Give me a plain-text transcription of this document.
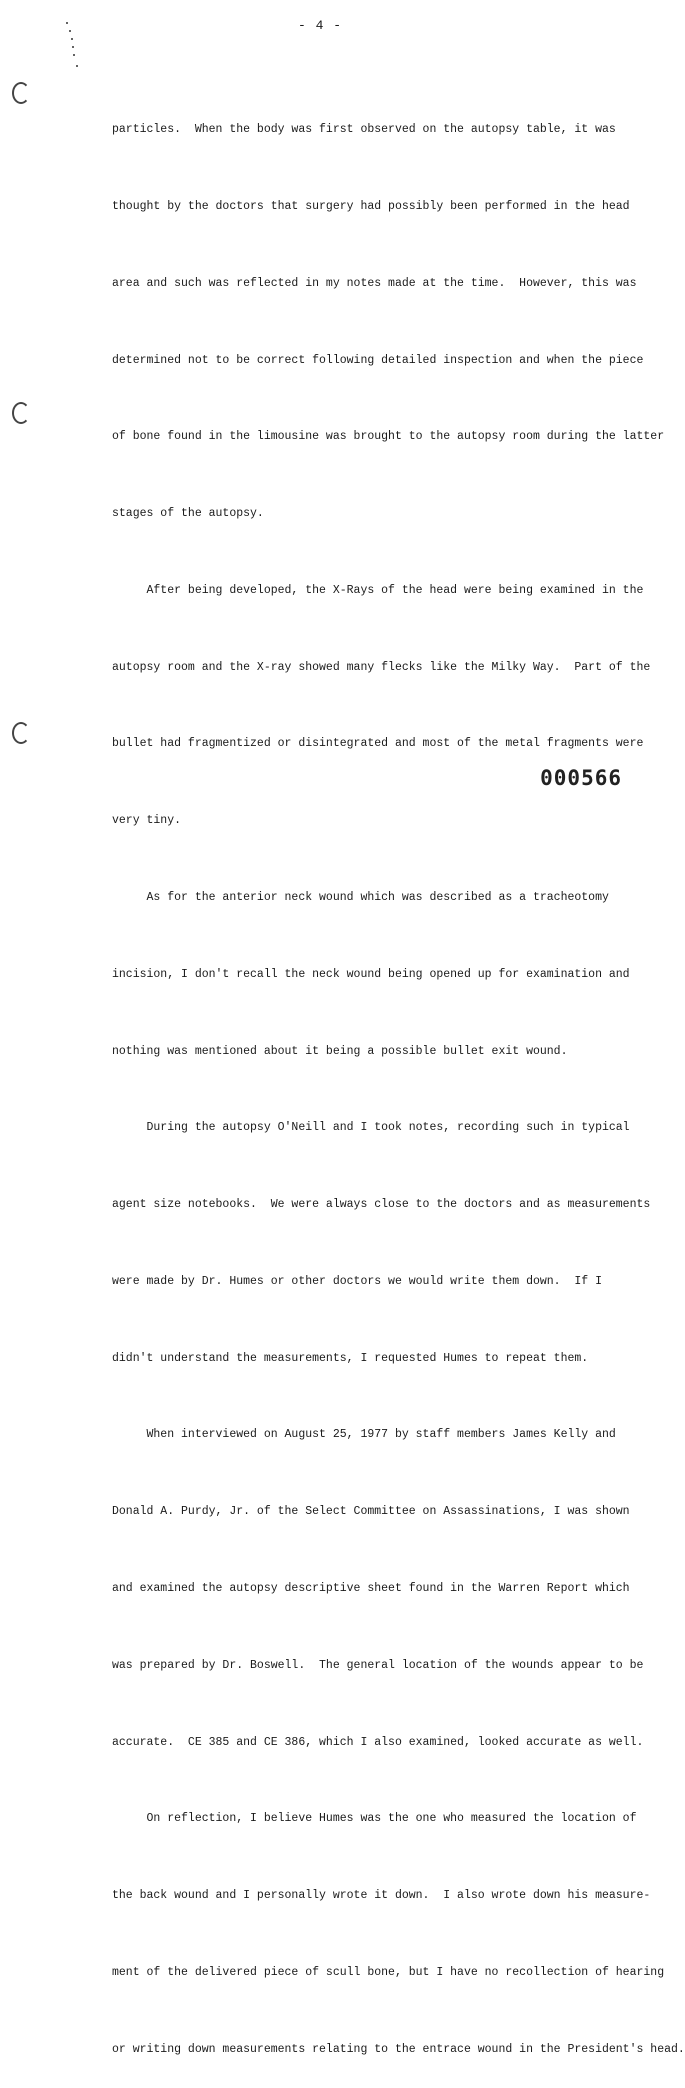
- 4 -

particles.  When the body was first observed on the autopsy table, it was

thought by the doctors that surgery had possibly been performed in the head

area and such was reflected in my notes made at the time.  However, this was

determined not to be correct following detailed inspection and when the piece

of bone found in the limousine was brought to the autopsy room during the latter

stages of the autopsy.

After being developed, the X-Rays of the head were being examined in the

autopsy room and the X-ray showed many flecks like the Milky Way.  Part of the

bullet had fragmentized or disintegrated and most of the metal fragments were

very tiny.

As for the anterior neck wound which was described as a tracheotomy

incision, I don't recall the neck wound being opened up for examination and

nothing was mentioned about it being a possible bullet exit wound.

During the autopsy O'Neill and I took notes, recording such in typical

agent size notebooks.  We were always close to the doctors and as measurements

were made by Dr. Humes or other doctors we would write them down.  If I

didn't understand the measurements, I requested Humes to repeat them.

When interviewed on August 25, 1977 by staff members James Kelly and

Donald A. Purdy, Jr. of the Select Committee on Assassinations, I was shown

and examined the autopsy descriptive sheet found in the Warren Report which

was prepared by Dr. Boswell.  The general location of the wounds appear to be

accurate.  CE 385 and CE 386, which I also examined, looked accurate as well.

On reflection, I believe Humes was the one who measured the location of

the back wound and I personally wrote it down.  I also wrote down his measure-

ment of the delivered piece of scull bone, but I have no recollection of hearing

or writing down measurements relating to the entrace wound in the President's head.

000566
